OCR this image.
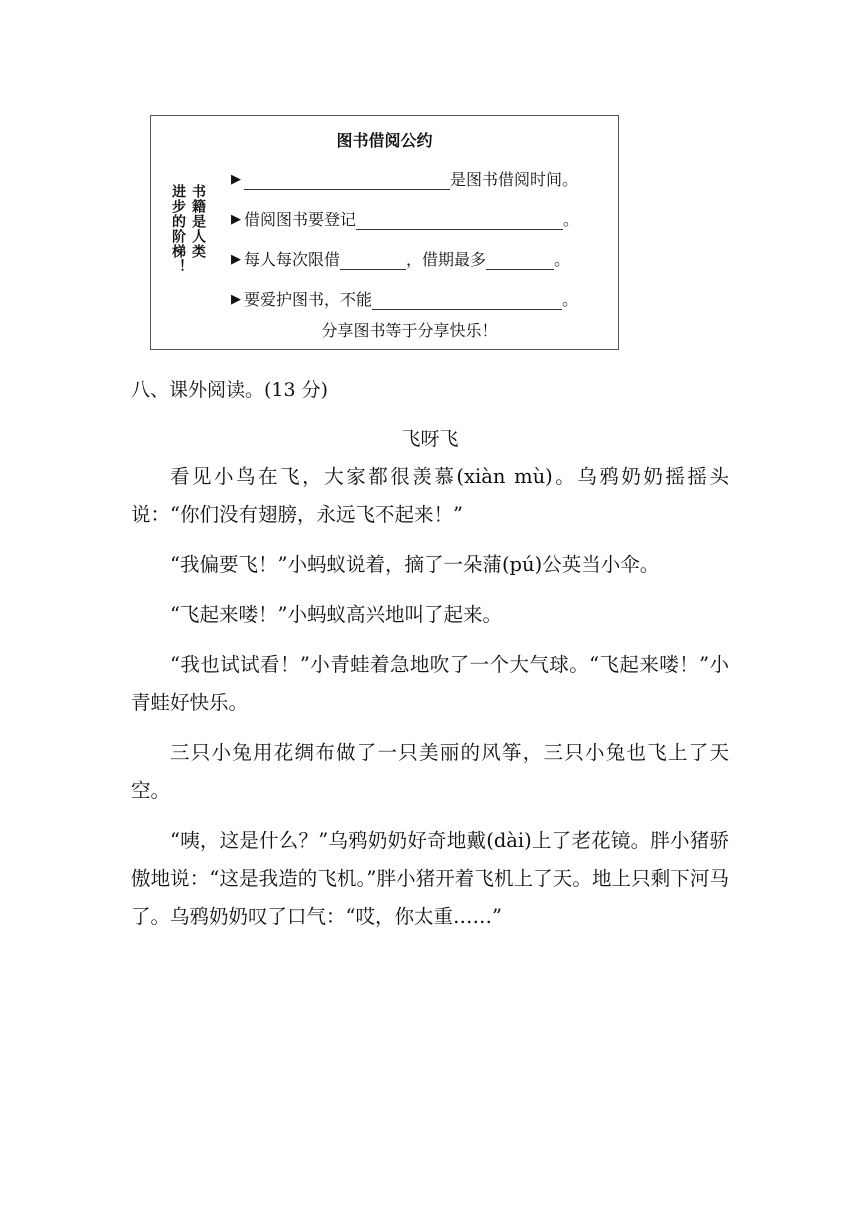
图书借阅公约
书籍是人类
进步的阶梯！
▶	是图书借阅时间。
▶ 借阅图书要登记	。
▶ 每人每次限借	，借期最多	。
▶ 要爱护图书，不能	。
分享图书等于分享快乐！
八、课外阅读。(13 分)
飞呀飞

看见小鸟在飞，大家都很羡慕(xiàn mù)。乌鸦奶奶摇摇头说：“你们没有翅膀，永远飞不起来！”

“我偏要飞！”小蚂蚁说着，摘了一朵蒲(pú)公英当小伞。

“飞起来喽！”小蚂蚁高兴地叫了起来。

“我也试试看！”小青蛙着急地吹了一个大气球。“飞起来喽！”小青蛙好快乐。

三只小兔用花绸布做了一只美丽的风筝，三只小兔也飞上了天空。

“咦，这是什么？”乌鸦奶奶好奇地戴(dài)上了老花镜。胖小猪骄傲地说：“这是我造的飞机。”胖小猪开着飞机上了天。地上只剩下河马了。乌鸦奶奶叹了口气：“哎，你太重……”
